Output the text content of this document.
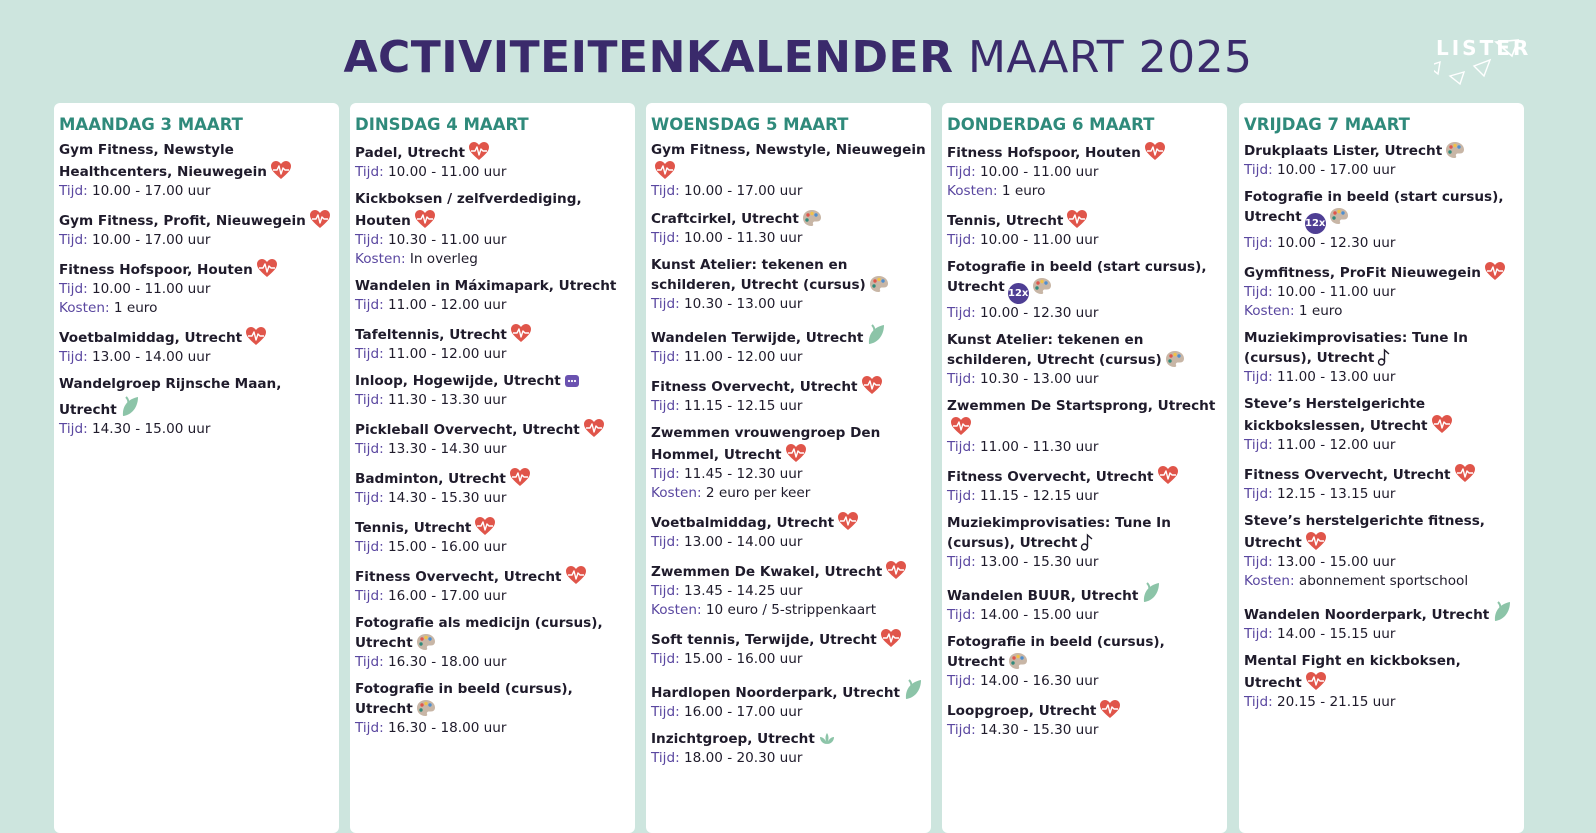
ACTIVITEITENKALENDER MAART 2025	LISTER
MAANDAG 3 MAART
Gym Fitness, Newstyle Healthcenters, Nieuwegein
Tijd: 10.00 - 17.00 uur
Gym Fitness, Profit, Nieuwegein
Tijd: 10.00 - 17.00 uur
Fitness Hofspoor, Houten
Tijd: 10.00 - 11.00 uur
Kosten: 1 euro
Voetbalmiddag, Utrecht
Tijd: 13.00 - 14.00 uur
Wandelgroep Rijnsche Maan, Utrecht
Tijd: 14.30 - 15.00 uur
DINSDAG 4 MAART
Padel, Utrecht
Tijd: 10.00 - 11.00 uur
Kickboksen / zelfverdediging, Houten
Tijd: 10.30 - 11.00 uur
Kosten: In overleg
Wandelen in Máximapark, Utrecht
Tijd: 11.00 - 12.00 uur
Tafeltennis, Utrecht
Tijd: 11.00 - 12.00 uur
Inloop, Hogewijde, Utrecht
Tijd: 11.30 - 13.30 uur
Pickleball Overvecht, Utrecht
Tijd: 13.30 - 14.30 uur
Badminton, Utrecht
Tijd: 14.30 - 15.30 uur
Tennis, Utrecht
Tijd: 15.00 - 16.00 uur
Fitness Overvecht, Utrecht
Tijd: 16.00 - 17.00 uur
Fotografie als medicijn (cursus), Utrecht
Tijd: 16.30 - 18.00 uur
Fotografie in beeld (cursus), Utrecht
Tijd: 16.30 - 18.00 uur
WOENSDAG 5 MAART
Gym Fitness, Newstyle, Nieuwegein
Tijd: 10.00 - 17.00 uur
Craftcirkel, Utrecht
Tijd: 10.00 - 11.30 uur
Kunst Atelier: tekenen en schilderen, Utrecht (cursus)
Tijd: 10.30 - 13.00 uur
Wandelen Terwijde, Utrecht
Tijd: 11.00 - 12.00 uur
Fitness Overvecht, Utrecht
Tijd: 11.15 - 12.15 uur
Zwemmen vrouwengroep Den Hommel, Utrecht
Tijd: 11.45 - 12.30 uur
Kosten: 2 euro per keer
Voetbalmiddag, Utrecht
Tijd: 13.00 - 14.00 uur
Zwemmen De Kwakel, Utrecht
Tijd: 13.45 - 14.25 uur
Kosten: 10 euro / 5-strippenkaart
Soft tennis, Terwijde, Utrecht
Tijd: 15.00 - 16.00 uur
Hardlopen Noorderpark, Utrecht
Tijd: 16.00 - 17.00 uur
Inzichtgroep, Utrecht
Tijd: 18.00 - 20.30 uur
DONDERDAG 6 MAART
Fitness Hofspoor, Houten
Tijd: 10.00 - 11.00 uur
Kosten: 1 euro
Tennis, Utrecht
Tijd: 10.00 - 11.00 uur
Fotografie in beeld (start cursus), Utrecht 12x
Tijd: 10.00 - 12.30 uur
Kunst Atelier: tekenen en schilderen, Utrecht (cursus)
Tijd: 10.30 - 13.00 uur
Zwemmen De Startsprong, Utrecht
Tijd: 11.00 - 11.30 uur
Fitness Overvecht, Utrecht
Tijd: 11.15 - 12.15 uur
Muziekimprovisaties: Tune In (cursus), Utrecht
Tijd: 13.00 - 15.30 uur
Wandelen BUUR, Utrecht
Tijd: 14.00 - 15.00 uur
Fotografie in beeld (cursus), Utrecht
Tijd: 14.00 - 16.30 uur
Loopgroep, Utrecht
Tijd: 14.30 - 15.30 uur
VRIJDAG 7 MAART
Drukplaats Lister, Utrecht
Tijd: 10.00 - 17.00 uur
Fotografie in beeld (start cursus), Utrecht 12x
Tijd: 10.00 - 12.30 uur
Gymfitness, ProFit Nieuwegein
Tijd: 10.00 - 11.00 uur
Kosten: 1 euro
Muziekimprovisaties: Tune In (cursus), Utrecht
Tijd: 11.00 - 13.00 uur
Steve’s Herstelgerichte kickbokslessen, Utrecht
Tijd: 11.00 - 12.00 uur
Fitness Overvecht, Utrecht
Tijd: 12.15 - 13.15 uur
Steve’s herstelgerichte fitness, Utrecht
Tijd: 13.00 - 15.00 uur
Kosten: abonnement sportschool
Wandelen Noorderpark, Utrecht
Tijd: 14.00 - 15.15 uur
Mental Fight en kickboksen, Utrecht
Tijd: 20.15 - 21.15 uur
